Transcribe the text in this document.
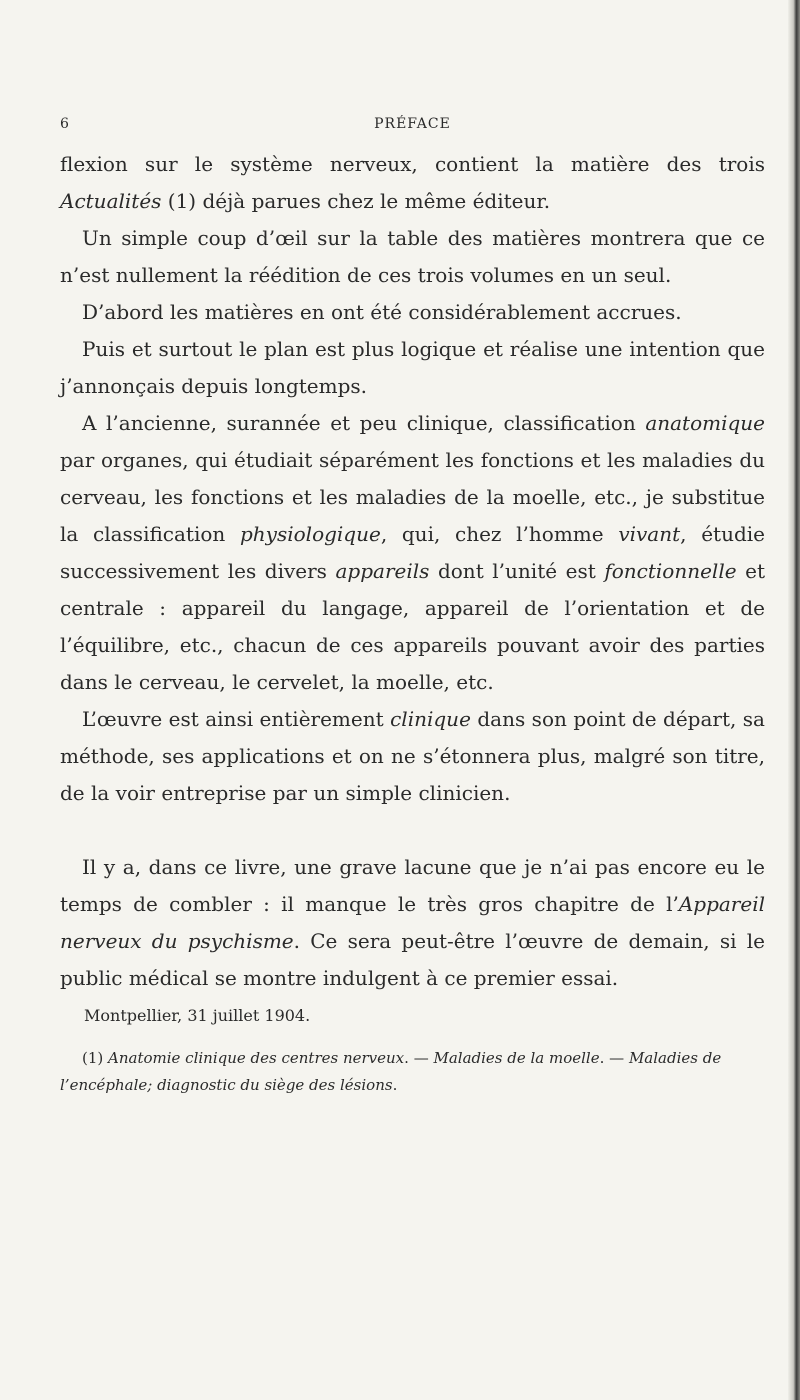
6	PRÉFACE

flexion sur le système nerveux, contient la matière des trois Actualités (1) déjà parues chez le même éditeur.

Un simple coup d’œil sur la table des matières montrera que ce n’est nullement la réédition de ces trois volumes en un seul.

D’abord les matières en ont été considérablement accrues.

Puis et surtout le plan est plus logique et réalise une intention que j’annonçais depuis longtemps.

A l’ancienne, surannée et peu clinique, classification anatomique par organes, qui étudiait séparément les fonctions et les maladies du cerveau, les fonctions et les maladies de la moelle, etc., je substitue la classification physiologique, qui, chez l’homme vivant, étudie successivement les divers appareils dont l’unité est fonctionnelle et centrale : appareil du langage, appareil de l’orientation et de l’équilibre, etc., chacun de ces appareils pouvant avoir des parties dans le cerveau, le cervelet, la moelle, etc.

L’œuvre est ainsi entièrement clinique dans son point de départ, sa méthode, ses applications et on ne s’étonnera plus, malgré son titre, de la voir entreprise par un simple clinicien.

Il y a, dans ce livre, une grave lacune que je n’ai pas encore eu le temps de combler : il manque le très gros chapitre de l’Appareil nerveux du psychisme. Ce sera peut-être l’œuvre de demain, si le public médical se montre indulgent à ce premier essai.

Montpellier, 31 juillet 1904.
(1) Anatomie clinique des centres nerveux. — Maladies de la moelle. — Maladies de l’encéphale; diagnostic du siège des lésions.
